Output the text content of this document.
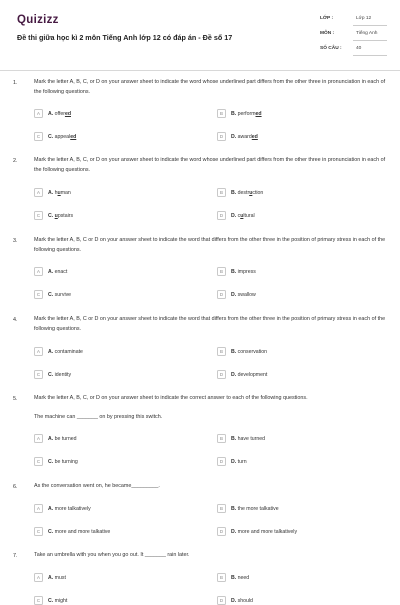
Quizizz
Đề thi giữa học kì 2 môn Tiếng Anh lớp 12 có đáp án - Đề số 17
LỚP :	Lớp 12
MÔN :	Tiếng Anh
SỐ CÂU :	40
1.	Mark the letter A, B, C, or D on your answer sheet to indicate the word whose underlined part differs from the other three in pronunciation in each of the following questions.
A	A. offered	B	B. performed
C	C. appealed	D	D. awarded
2.	Mark the letter A, B, C, or D on your answer sheet to indicate the word whose underlined part differs from the other three in pronunciation in each of the following questions.
A	A. human	B	B. destruction
C	C. upstairs	D	D. cultural
3.	Mark the letter A, B, C or D on your answer sheet to indicate the word that differs from the other three in the position of primary stress in each of the following questions.
A	A. enact	B	B. impress
C	C. survive	D	D. swallow
4.	Mark the letter A, B, C or D on your answer sheet to indicate the word that differs from the other three in the position of primary stress in each of the following questions.
A	A. contaminate	B	B. conservation
C	C. identity	D	D. development
5.	Mark the letter A, B, C, or D on your answer sheet to indicate the correct answer to each of the following questions.
The machine can _______ on by pressing this switch.
A	A. be turned	B	B. have turned
C	C. be turning	D	D. turn
6.	As the conversation went on, he became_________.
A	A. more talkatively	B	B. the more talkative
C	C. more and more talkative	D	D. more and more talkatively
7.	Take an umbrella with you when you go out. It _______ rain later.
A	A. must	B	B. need
C	C. might	D	D. should
